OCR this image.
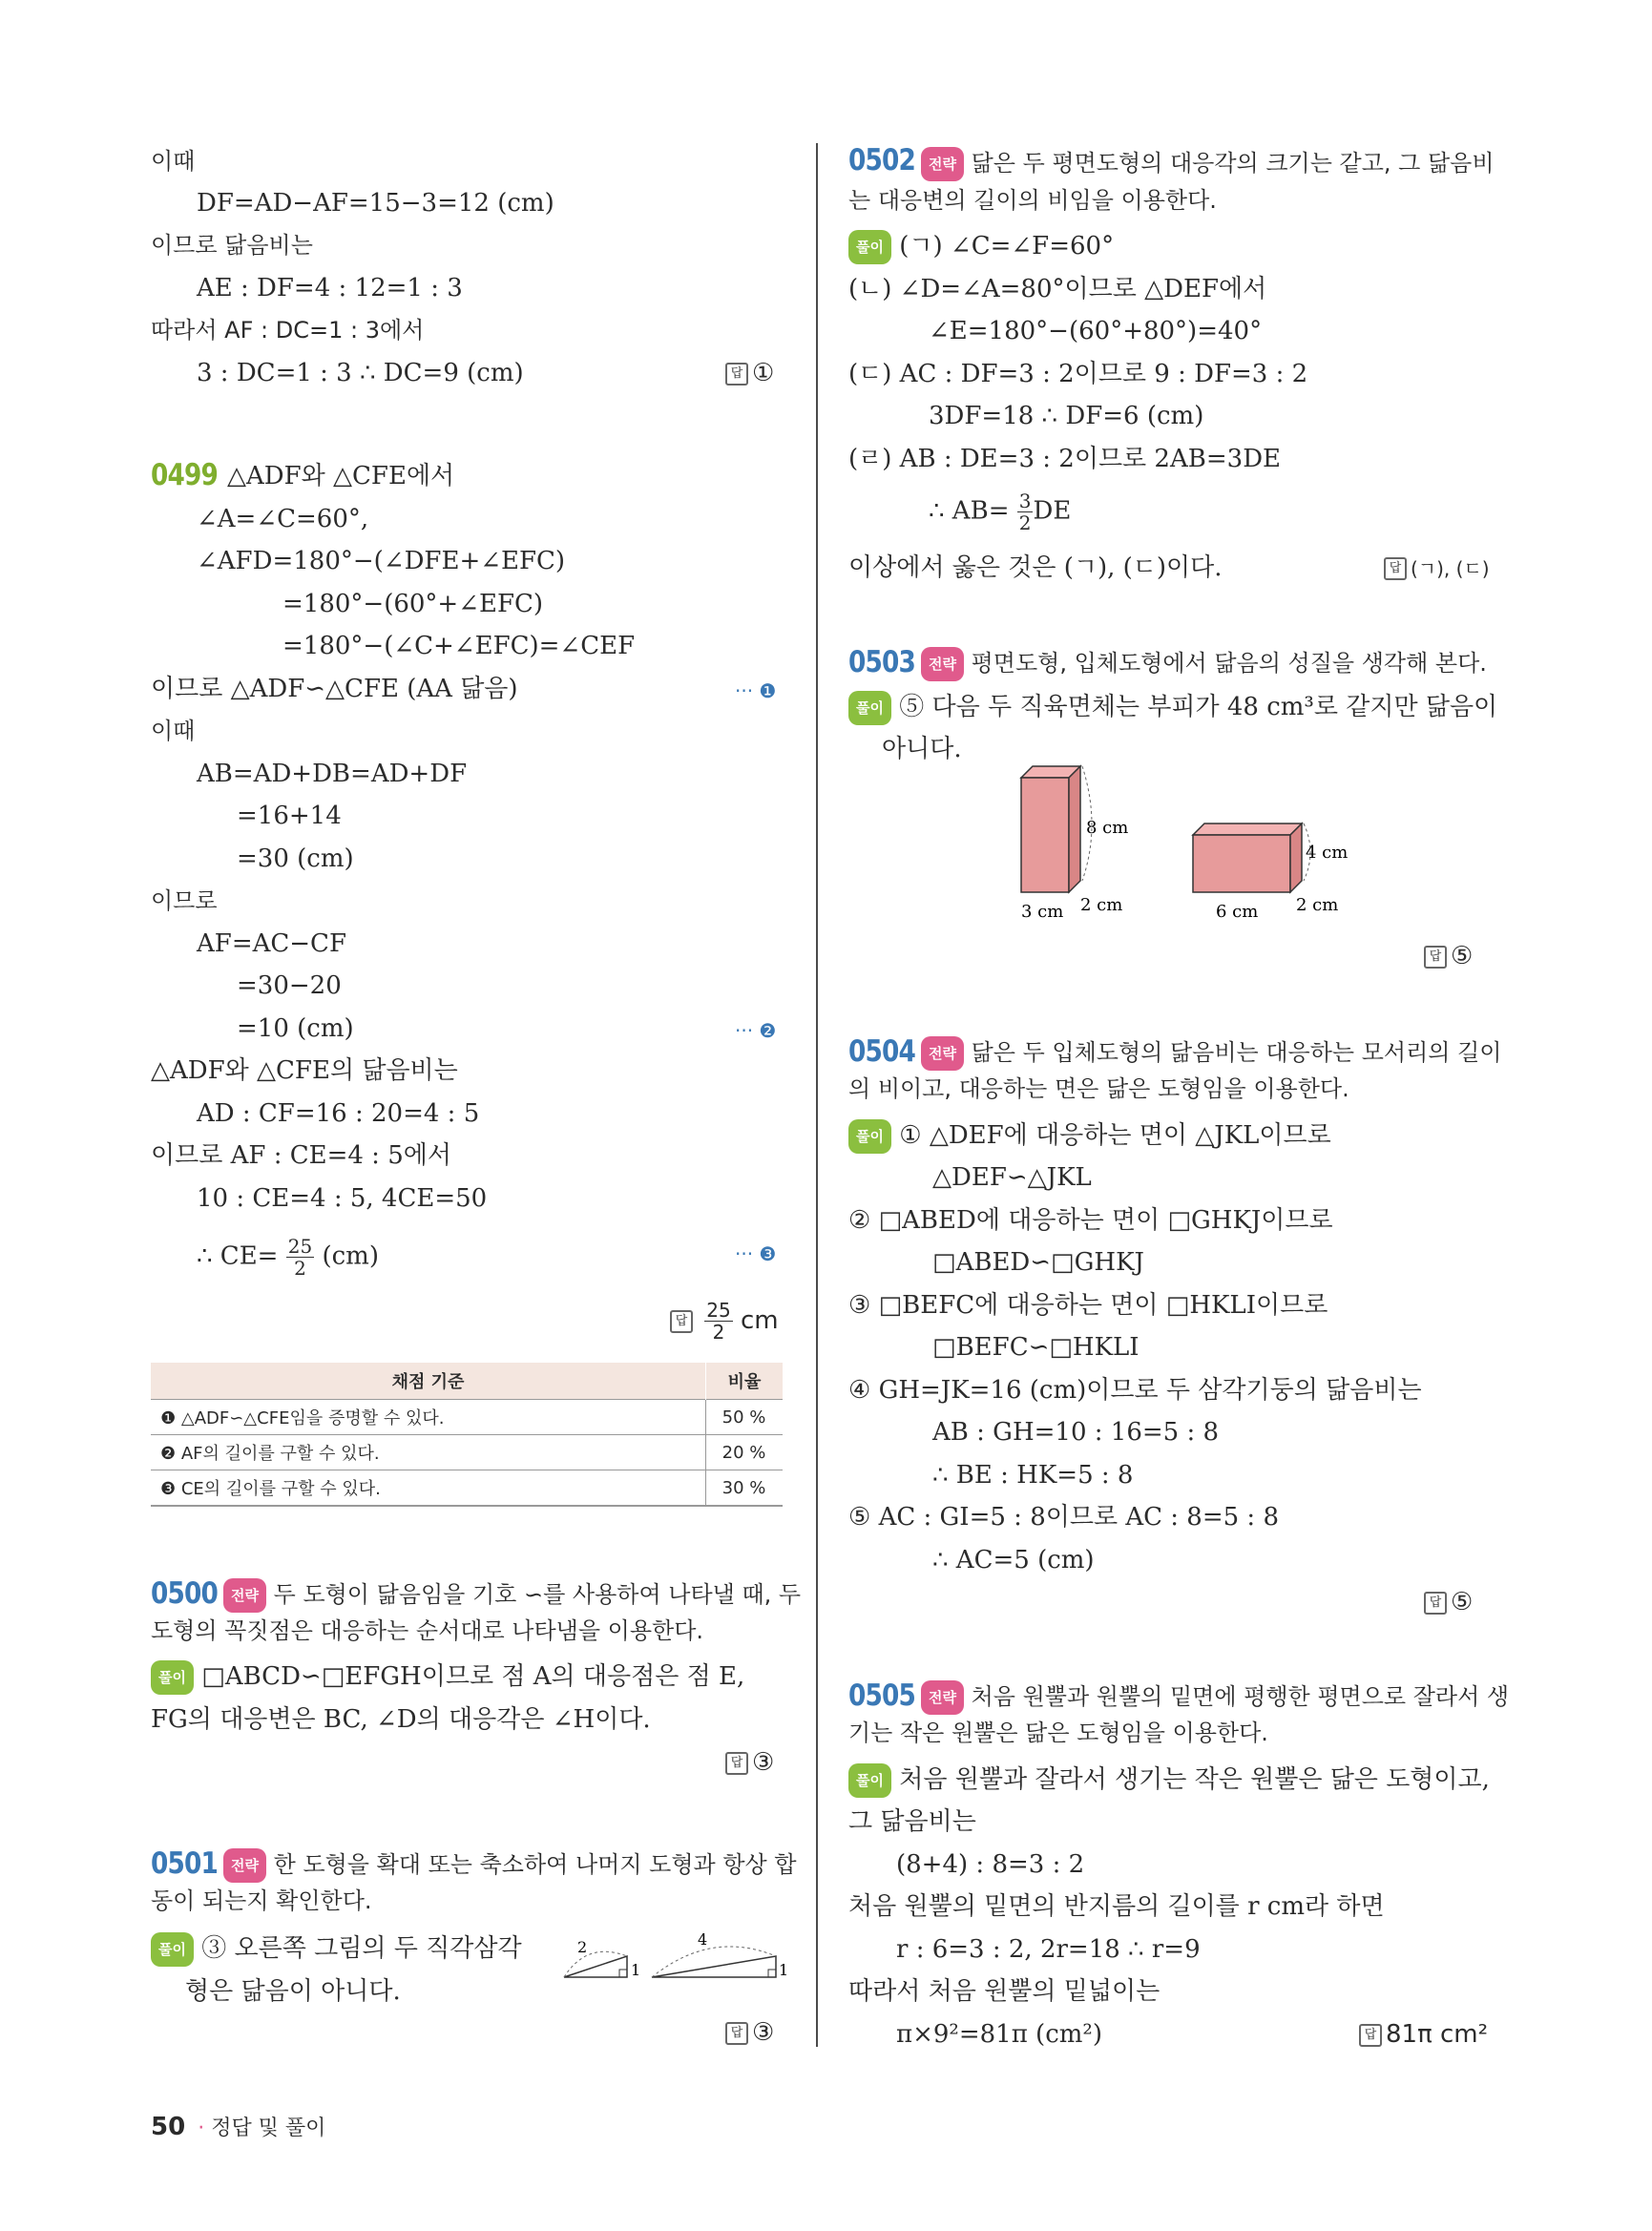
이때
DF=AD−AF=15−3=12 (cm)
이므로 닮음비는
AE : DF=4 : 12=1 : 3
따라서 AF : DC=1 : 3에서
3 : DC=1 : 3 ∴ DC=9 (cm)	답 ①
0499 △ADF와 △CFE에서
∠A=∠C=60°,
∠AFD=180°−(∠DFE+∠EFC)
=180°−(60°+∠EFC)
=180°−(∠C+∠EFC)=∠CEF
이므로 △ADF∽△CFE (AA 닮음)	··· ❶
이때
AB=AD+DB=AD+DF
=16+14
=30 (cm)
이므로
AF=AC−CF
=30−20
=10 (cm)	··· ❷
△ADF와 △CFE의 닮음비는
AD : CF=16 : 20=4 : 5
이므로 AF : CE=4 : 5에서
10 : CE=4 : 5, 4CE=50
∴ $CE= \frac{25}{2} (cm)$	··· ❸
답 $\frac{25}{2}$ cm
채점 기준	비율
❶ △ADF∽△CFE임을 증명할 수 있다.	50 %
❷ AF의 길이를 구할 수 있다.	20 %
❸ CE의 길이를 구할 수 있다.	30 %
0500 전략 두 도형이 닮음임을 기호 ∽를 사용하여 나타낼 때, 두
도형의 꼭짓점은 대응하는 순서대로 나타냄을 이용한다.
풀이 □ABCD∽□EFGH이므로 점 A의 대응점은 점 E,
FG의 대응변은 BC, ∠D의 대응각은 ∠H이다.
답 ③
0501 전략 한 도형을 확대 또는 축소하여 나머지 도형과 항상 합
동이 되는지 확인한다.
풀이 ③ 오른쪽 그림의 두 직각삼각
형은 닮음이 아니다.
2
1
4
1
답 ③
0502 전략 닮은 두 평면도형의 대응각의 크기는 같고, 그 닮음비
는 대응변의 길이의 비임을 이용한다.
풀이 (ㄱ) ∠C=∠F=60°
(ㄴ) ∠D=∠A=80°이므로 △DEF에서
∠E=180°−(60°+80°)=40°
(ㄷ) AC : DF=3 : 2이므로 9 : DF=3 : 2
3DF=18 ∴ DF=6 (cm)
(ㄹ) AB : DE=3 : 2이므로 2AB=3DE
∴ $AB= \frac{3}{2}$ DE
이상에서 옳은 것은 (ㄱ), (ㄷ)이다.	답 (ㄱ), (ㄷ)
0503 전략 평면도형, 입체도형에서 닮음의 성질을 생각해 본다.
풀이 ⑤ 다음 두 직육면체는 부피가 48 cm³로 같지만 닮음이
아니다.
8 cm
3 cm 2 cm
4 cm
6 cm 2 cm
답 ⑤
0504 전략 닮은 두 입체도형의 닮음비는 대응하는 모서리의 길이
의 비이고, 대응하는 면은 닮은 도형임을 이용한다.
풀이 ① △DEF에 대응하는 면이 △JKL이므로
△DEF∽△JKL
② □ABED에 대응하는 면이 □GHKJ이므로
□ABED∽□GHKJ
③ □BEFC에 대응하는 면이 □HKLI이므로
□BEFC∽□HKLI
④ GH=JK=16 (cm)이므로 두 삼각기둥의 닮음비는
AB : GH=10 : 16=5 : 8
∴ BE : HK=5 : 8
⑤ AC : GI=5 : 8이므로 AC : 8=5 : 8
∴ AC=5 (cm)
답 ⑤
0505 전략 처음 원뿔과 원뿔의 밑면에 평행한 평면으로 잘라서 생
기는 작은 원뿔은 닮은 도형임을 이용한다.
풀이 처음 원뿔과 잘라서 생기는 작은 원뿔은 닮은 도형이고,
그 닮음비는
(8+4) : 8=3 : 2
처음 원뿔의 밑면의 반지름의 길이를 r cm라 하면
r : 6=3 : 2, 2r=18 ∴ r=9
따라서 처음 원뿔의 밑넓이는
π×9²=81π (cm²)	답 81π cm²
50 · 정답 및 풀이
